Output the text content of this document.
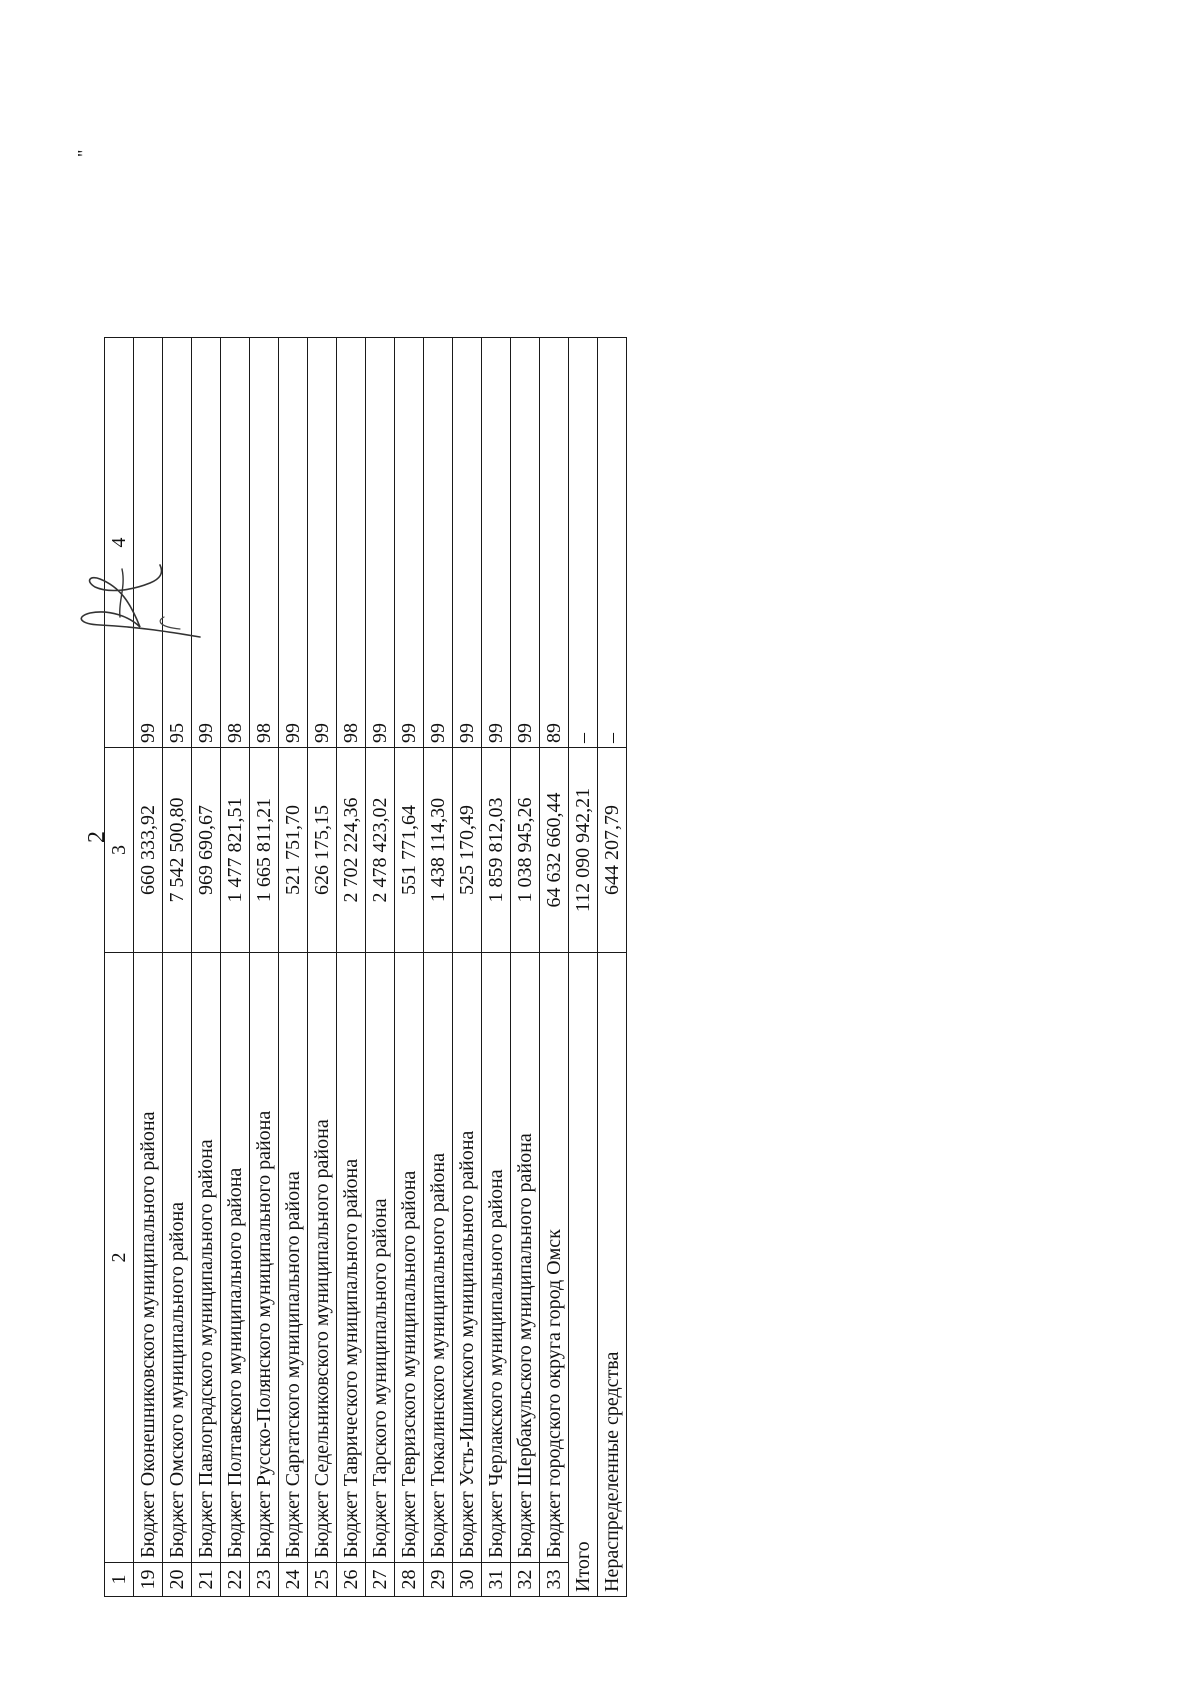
2
1	2	3	4
19	Бюджет Оконешниковского муниципального района	660 333,92	99
20	Бюджет Омского муниципального района	7 542 500,80	95
21	Бюджет Павлоградского муниципального района	969 690,67	99
22	Бюджет Полтавского муниципального района	1 477 821,51	98
23	Бюджет Русско-Полянского муниципального района	1 665 811,21	98
24	Бюджет Саргатского муниципального района	521 751,70	99
25	Бюджет Седельниковского муниципального района	626 175,15	99
26	Бюджет Таврического муниципального района	2 702 224,36	98
27	Бюджет Тарского муниципального района	2 478 423,02	99
28	Бюджет Тевризского муниципального района	551 771,64	99
29	Бюджет Тюкалинского муниципального района	1 438 114,30	99
30	Бюджет Усть-Ишимского муниципального района	525 170,49	99
31	Бюджет Черлакского муниципального района	1 859 812,03	99
32	Бюджет Шербакульского муниципального района	1 038 945,26	99
33	Бюджет городского округа город Омск	64 632 660,44	89
Итого		112 090 942,21	–
Нераспределенные средства		644 207,79	–
"
